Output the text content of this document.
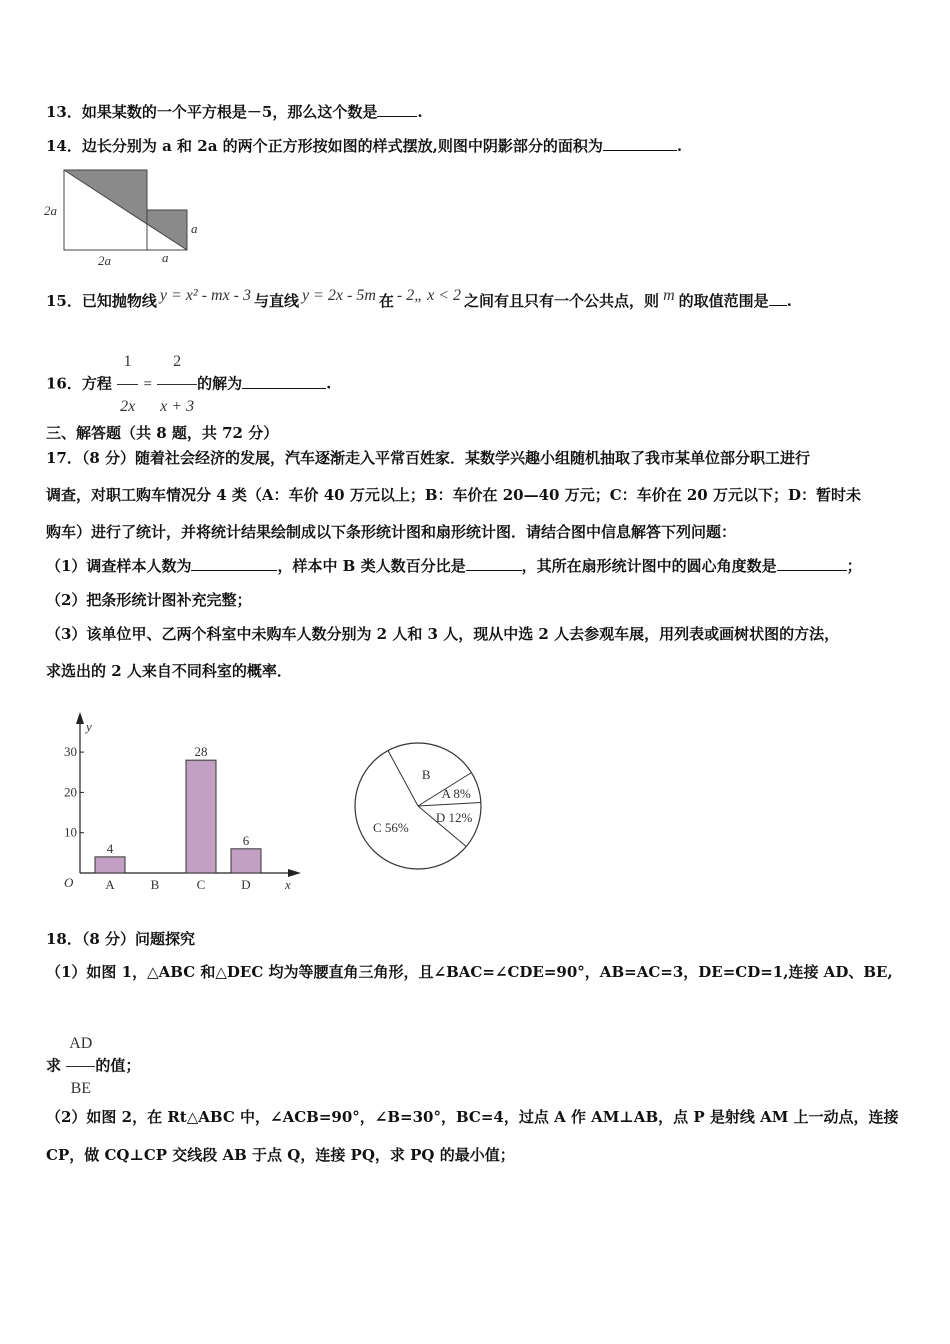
13．如果某数的一个平方根是－5，那么这个数是	.
14．边长分别为 a 和 2a 的两个正方形按如图的样式摆放,则图中阴影部分的面积为	.
2a
2a	a
a
15．已知抛物线 y = x² - mx - 3 与直线 y = 2x - 5m 在 - 2„ x < 2 之间有且只有一个公共点，则 m 的取值范围是 .
16．方程 $\frac{1}{2x} = \frac{2}{x + 3}$ 的解为	.
三、解答题（共 8 题，共 72 分）
17．（8 分）随着社会经济的发展，汽车逐渐走入平常百姓家．某数学兴趣小组随机抽取了我市某单位部分职工进行
调查，对职工购车情况分 4 类（A：车价 40 万元以上；B：车价在 20—40 万元；C：车价在 20 万元以下；D：暂时未
购车）进行了统计，并将统计结果绘制成以下条形统计图和扇形统计图．请结合图中信息解答下列问题：
（1）调查样本人数为	，样本中 B 类人数百分比是	，其所在扇形统计图中的圆心角度数是	；
（2）把条形统计图补充完整；
（3）该单位甲、乙两个科室中未购车人数分别为 2 人和 3 人，现从中选 2 人去参观车展，用列表或画树状图的方法，
求选出的 2 人来自不同科室的概率．
y
x
O
10
20
30
4
A	B
28
C
6
D
A 8%
B
C 56%
D 12%
18．（8 分）问题探究
（1）如图 1，△ABC 和△DEC 均为等腰直角三角形，且∠BAC=∠CDE=90°，AB=AC=3，DE=CD=1,连接 AD、BE,
求 $\frac{AD}{BE}$ 的值；
（2）如图 2，在 Rt△ABC 中，∠ACB=90°，∠B=30°，BC=4，过点 A 作 AM⊥AB，点 P 是射线 AM 上一动点，连接
CP，做 CQ⊥CP 交线段 AB 于点 Q，连接 PQ，求 PQ 的最小值；
